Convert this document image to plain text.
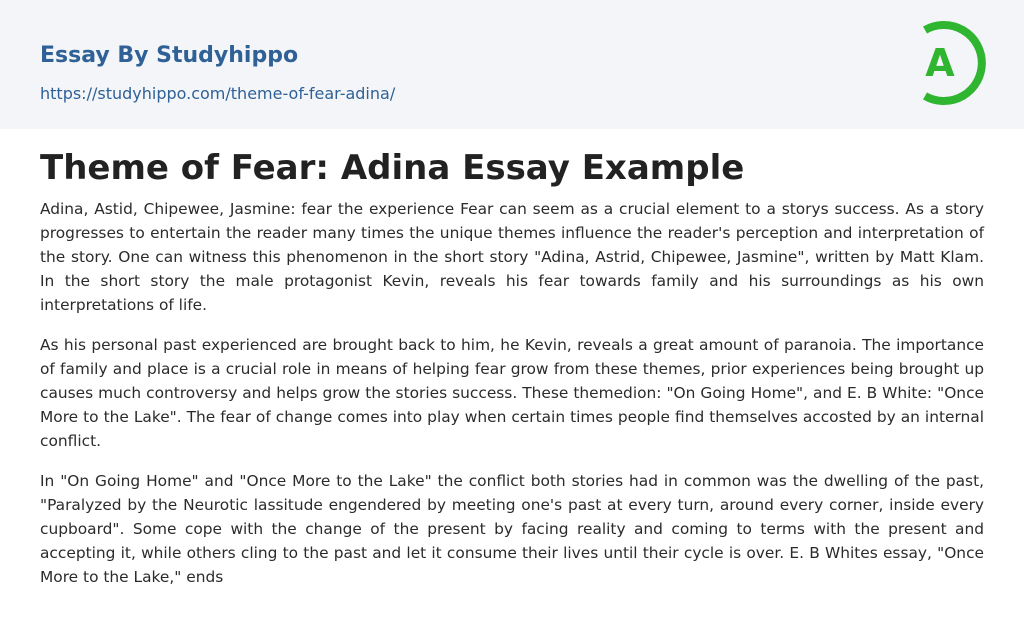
Essay By Studyhippo
https://studyhippo.com/theme-of-fear-adina/
A
Theme of Fear: Adina Essay Example

Adina, Astid, Chipewee, Jasmine: fear the experience Fear can seem as a crucial element to a storys success. As a story progresses to entertain the reader many times the unique themes influence the reader's perception and interpretation of the story. One can witness this phenomenon in the short story "Adina, Astrid, Chipewee, Jasmine", written by Matt Klam. In the short story the male protagonist Kevin, reveals his fear towards family and his surroundings as his own interpretations of life.

As his personal past experienced are brought back to him, he Kevin, reveals a great amount of paranoia. The importance of family and place is a crucial role in means of helping fear grow from these themes, prior experiences being brought up causes much controversy and helps grow the stories success. These themedion: "On Going Home", and E. B White: "Once More to the Lake". The fear of change comes into play when certain times people find themselves accosted by an internal conflict.

In "On Going Home" and "Once More to the Lake" the conflict both stories had in common was the dwelling of the past, "Paralyzed by the Neurotic lassitude engendered by meeting one's past at every turn, around every corner, inside every cupboard". Some cope with the change of the present by facing reality and coming to terms with the present and accepting it, while others cling to the past and let it consume their lives until their cycle is over. E. B Whites essay, "Once More to the Lake," ends
